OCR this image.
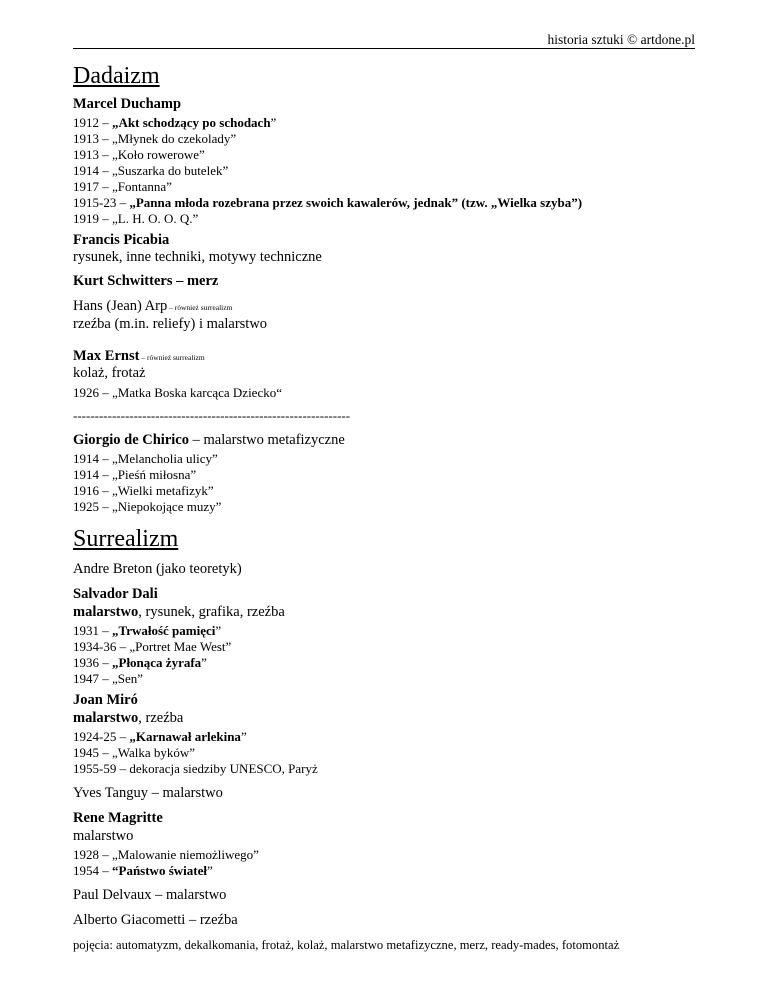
historia sztuki © artdone.pl
Dadaizm
Marcel Duchamp
1912 – „Akt schodzący po schodach”
1913 – „Młynek do czekolady”
1913 – „Koło rowerowe”
1914 – „Suszarka do butelek”
1917 – „Fontanna”
1915-23 – „Panna młoda rozebrana przez swoich kawalerów, jednak” (tzw. „Wielka szyba”)
1919 – „L. H. O. O. Q.”
Francis Picabia
rysunek, inne techniki, motywy techniczne
Kurt Schwitters – merz
Hans (Jean) Arp – również surrealizm
rzeźba (m.in. reliefy) i malarstwo
Max Ernst – również surrealizm
kolaż, frotaż
1926 – „Matka Boska karcąca Dziecko“
----------------------------------------------------------------
Giorgio de Chirico – malarstwo metafizyczne
1914 – „Melancholia ulicy”
1914 – „Pieśń miłosna”
1916 – „Wielki metafizyk”
1925 – „Niepokojące muzy”
Surrealizm
Andre Breton (jako teoretyk)
Salvador Dali
malarstwo, rysunek, grafika, rzeźba
1931 – „Trwałość pamięci”
1934-36 – „Portret Mae West”
1936 – „Płonąca żyrafa”
1947 – „Sen”
Joan Miró
malarstwo, rzeźba
1924-25 – „Karnawał arlekina”
1945 – „Walka byków”
1955-59 – dekoracja siedziby UNESCO, Paryż
Yves Tanguy – malarstwo
Rene Magritte
malarstwo
1928 – „Malowanie niemożliwego”
1954 – “Państwo świateł”
Paul Delvaux – malarstwo
Alberto Giacometti – rzeźba
pojęcia: automatyzm, dekalkomania, frotaż, kolaż, malarstwo metafizyczne, merz, ready-mades, fotomontaż
